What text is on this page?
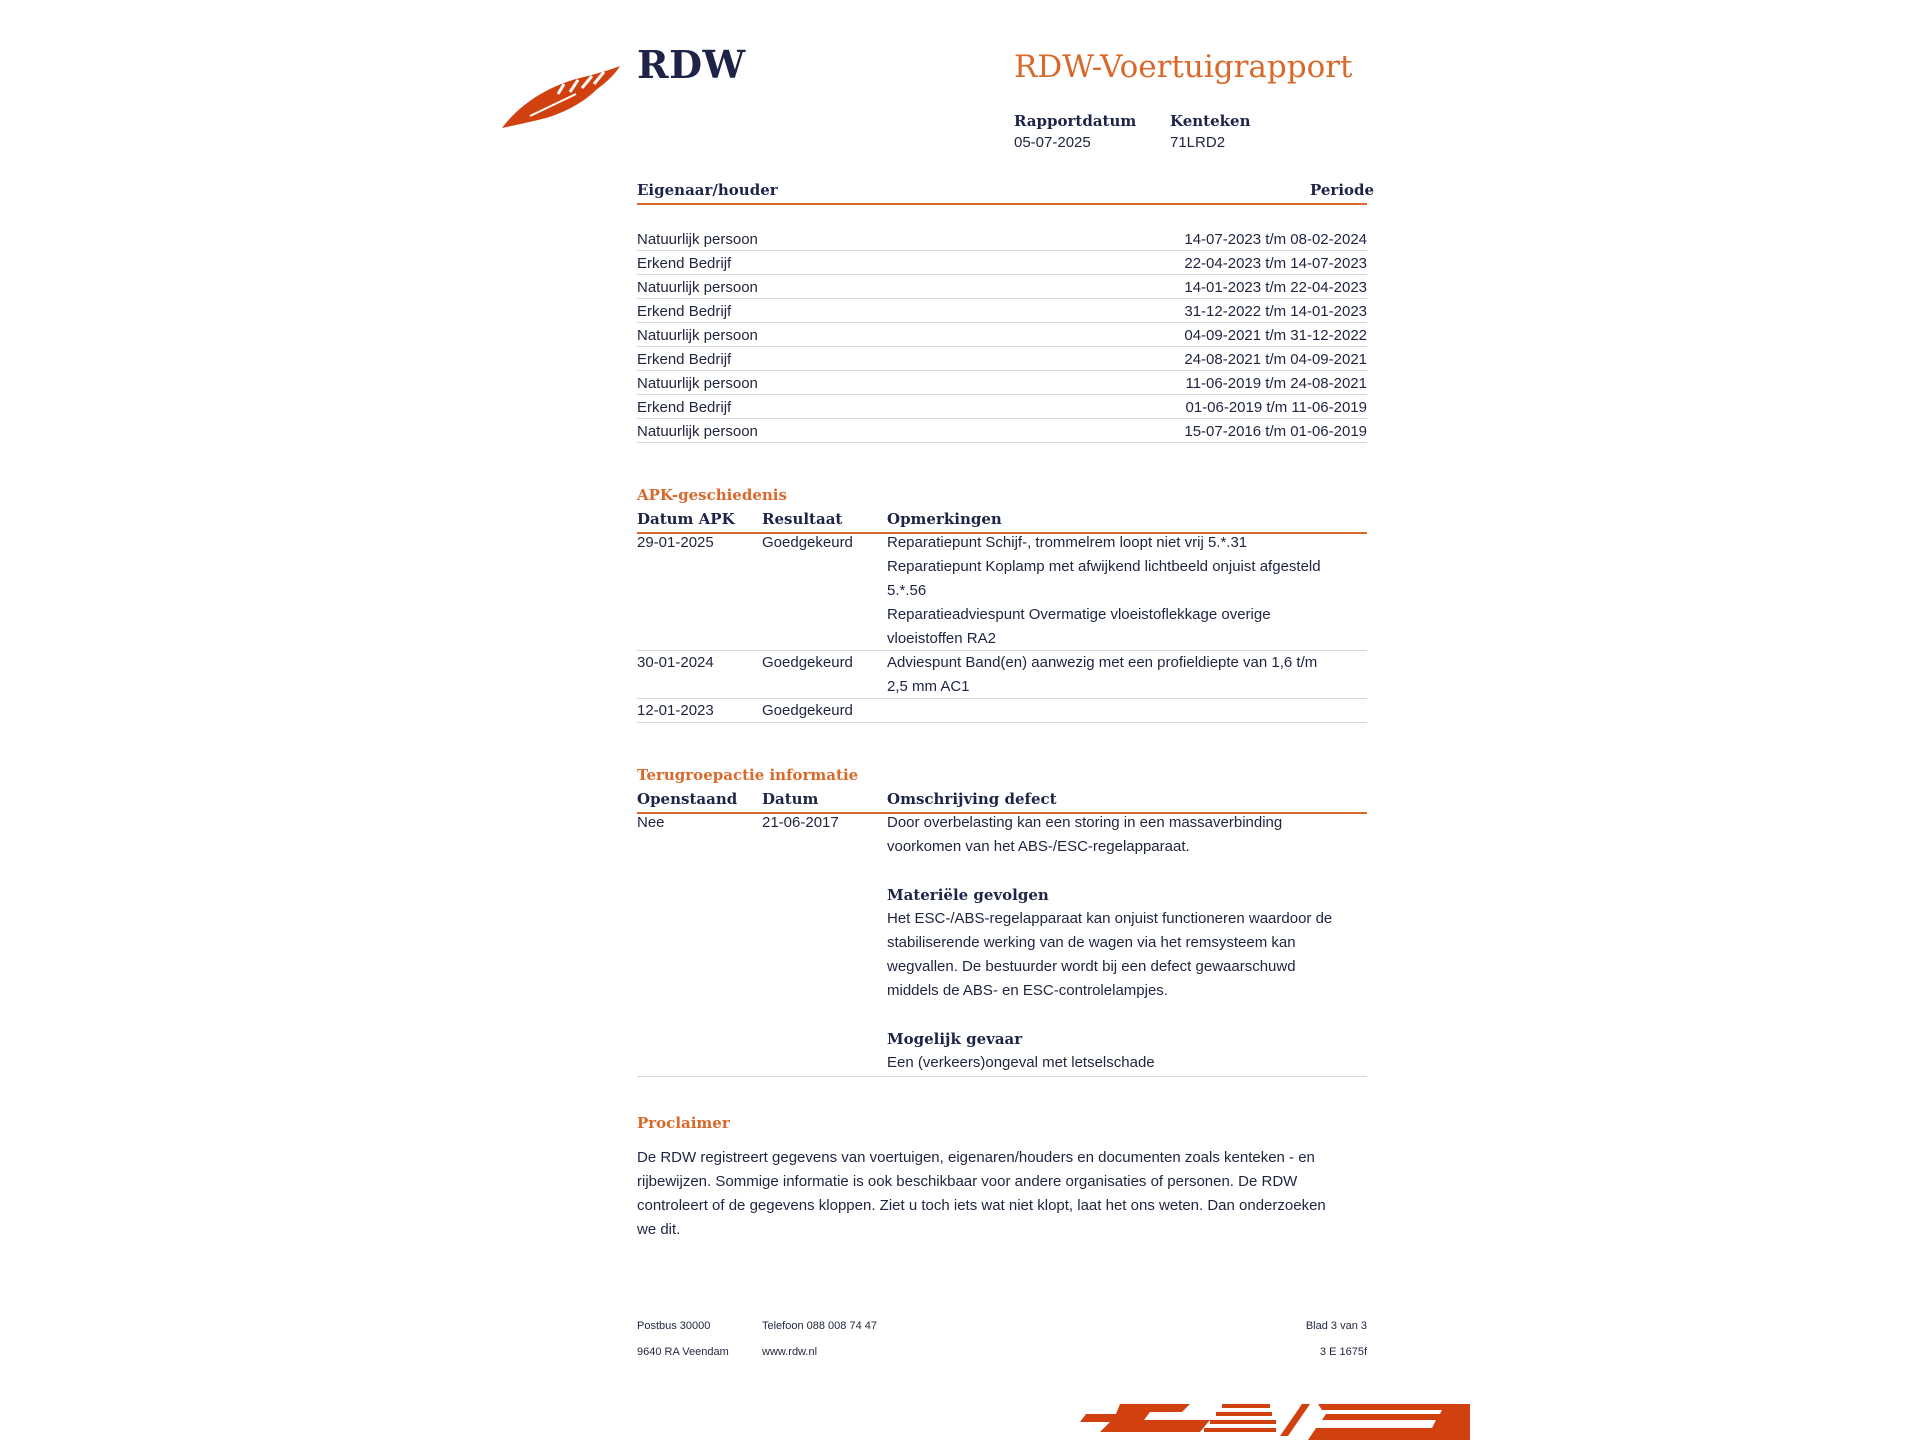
RDW	RDW-Voertuigrapport
Rapportdatum
05-07-2025
Kenteken
71LRD2
Eigenaar/houder	Periode
Natuurlijk persoon	14-07-2023 t/m 08-02-2024
Erkend Bedrijf	22-04-2023 t/m 14-07-2023
Natuurlijk persoon	14-01-2023 t/m 22-04-2023
Erkend Bedrijf	31-12-2022 t/m 14-01-2023
Natuurlijk persoon	04-09-2021 t/m 31-12-2022
Erkend Bedrijf	24-08-2021 t/m 04-09-2021
Natuurlijk persoon	11-06-2019 t/m 24-08-2021
Erkend Bedrijf	01-06-2019 t/m 11-06-2019
Natuurlijk persoon	15-07-2016 t/m 01-06-2019
APK-geschiedenis
Datum APK Resultaat	Opmerkingen
29-01-2025	Goedgekeurd Reparatiepunt Schijf-, trommelrem loopt niet vrij 5.*.31
Reparatiepunt Koplamp met afwijkend lichtbeeld onjuist afgesteld
5.*.56
Reparatieadviespunt Overmatige vloeistoflekkage overige
vloeistoffen RA2
30-01-2024	Goedgekeurd Adviespunt Band(en) aanwezig met een profieldiepte van 1,6 t/m
2,5 mm AC1
12-01-2023	Goedgekeurd
Terugroepactie informatie
Openstaand Datum	Omschrijving defect
Nee	21-06-2017	Door overbelasting kan een storing in een massaverbinding
voorkomen van het ABS-/ESC-regelapparaat.
Materiële gevolgen
Het ESC-/ABS-regelapparaat kan onjuist functioneren waardoor de
stabiliserende werking van de wagen via het remsysteem kan
wegvallen. De bestuurder wordt bij een defect gewaarschuwd
middels de ABS- en ESC-controlelampjes.
Mogelijk gevaar
Een (verkeers)ongeval met letselschade
Proclaimer
De RDW registreert gegevens van voertuigen, eigenaren/houders en documenten zoals kenteken - en
rijbewijzen. Sommige informatie is ook beschikbaar voor andere organisaties of personen. De RDW
controleert of de gegevens kloppen. Ziet u toch iets wat niet klopt, laat het ons weten. Dan onderzoeken
we dit.
Postbus 30000
9640 RA Veendam
Telefoon 088 008 74 47
www.rdw.nl
Blad 3 van 3
3 E 1675f
